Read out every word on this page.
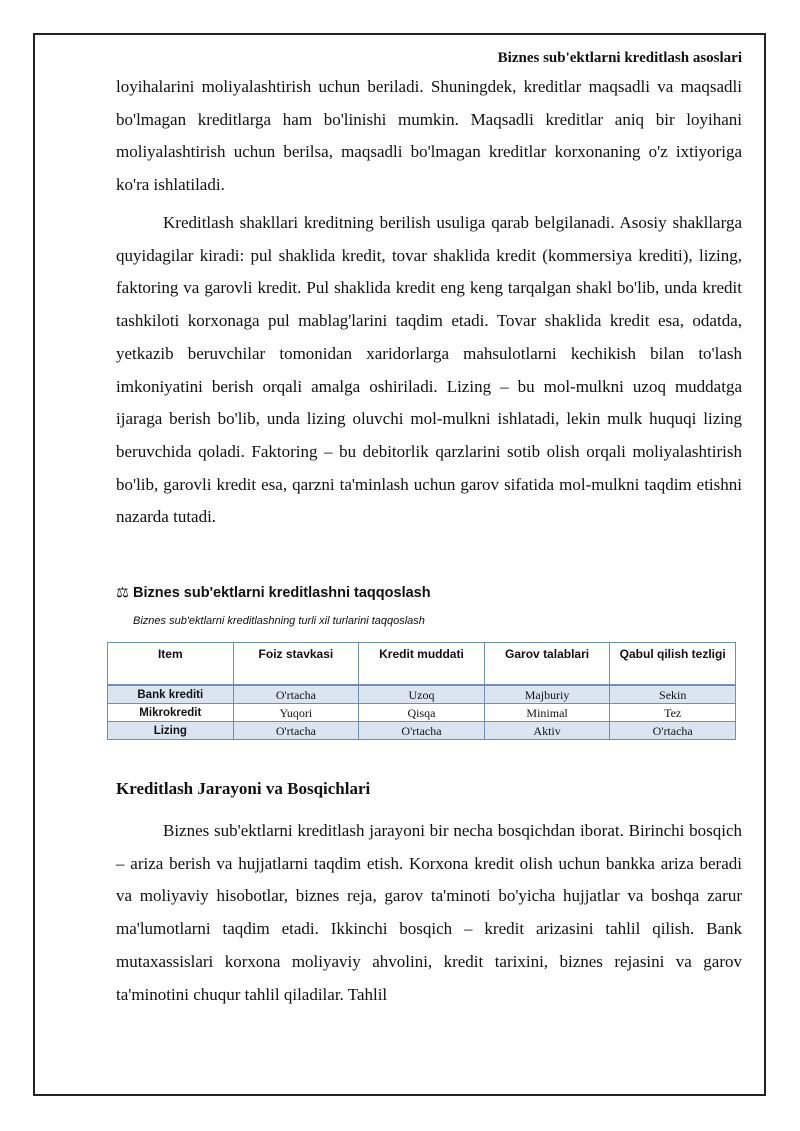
Biznes sub'ektlarni kreditlash asoslari

loyihalarini moliyalashtirish uchun beriladi. Shuningdek, kreditlar maqsadli va maqsadli bo'lmagan kreditlarga ham bo'linishi mumkin. Maqsadli kreditlar aniq bir loyihani moliyalashtirish uchun berilsa, maqsadli bo'lmagan kreditlar korxonaning o'z ixtiyoriga ko'ra ishlatiladi.

Kreditlash shakllari kreditning berilish usuliga qarab belgilanadi. Asosiy shakllarga quyidagilar kiradi: pul shaklida kredit, tovar shaklida kredit (kommersiya krediti), lizing, faktoring va garovli kredit. Pul shaklida kredit eng keng tarqalgan shakl bo'lib, unda kredit tashkiloti korxonaga pul mablag'larini taqdim etadi. Tovar shaklida kredit esa, odatda, yetkazib beruvchilar tomonidan xaridorlarga mahsulotlarni kechikish bilan to'lash imkoniyatini berish orqali amalga oshiriladi. Lizing – bu mol-mulkni uzoq muddatga ijaraga berish bo'lib, unda lizing oluvchi mol-mulkni ishlatadi, lekin mulk huquqi lizing beruvchida qoladi. Faktoring – bu debitorlik qarzlarini sotib olish orqali moliyalashtirish bo'lib, garovli kredit esa, qarzni ta'minlash uchun garov sifatida mol-mulkni taqdim etishni nazarda tutadi.

⚖ Biznes sub'ektlarni kreditlashni taqqoslash
Biznes sub'ektlarni kreditlashning turli xil turlarini taqqoslash
Item	Foiz stavkasi	Kredit muddati	Garov talablari	Qabul qilish tezligi
Bank krediti	O'rtacha	Uzoq	Majburiy	Sekin
Mikrokredit	Yuqori	Qisqa	Minimal	Tez
Lizing	O'rtacha	O'rtacha	Aktiv	O'rtacha
Kreditlash Jarayoni va Bosqichlari

Biznes sub'ektlarni kreditlash jarayoni bir necha bosqichdan iborat. Birinchi bosqich – ariza berish va hujjatlarni taqdim etish. Korxona kredit olish uchun bankka ariza beradi va moliyaviy hisobotlar, biznes reja, garov ta'minoti bo'yicha hujjatlar va boshqa zarur ma'lumotlarni taqdim etadi. Ikkinchi bosqich – kredit arizasini tahlil qilish. Bank mutaxassislari korxona moliyaviy ahvolini, kredit tarixini, biznes rejasini va garov ta'minotini chuqur tahlil qiladilar. Tahlil
